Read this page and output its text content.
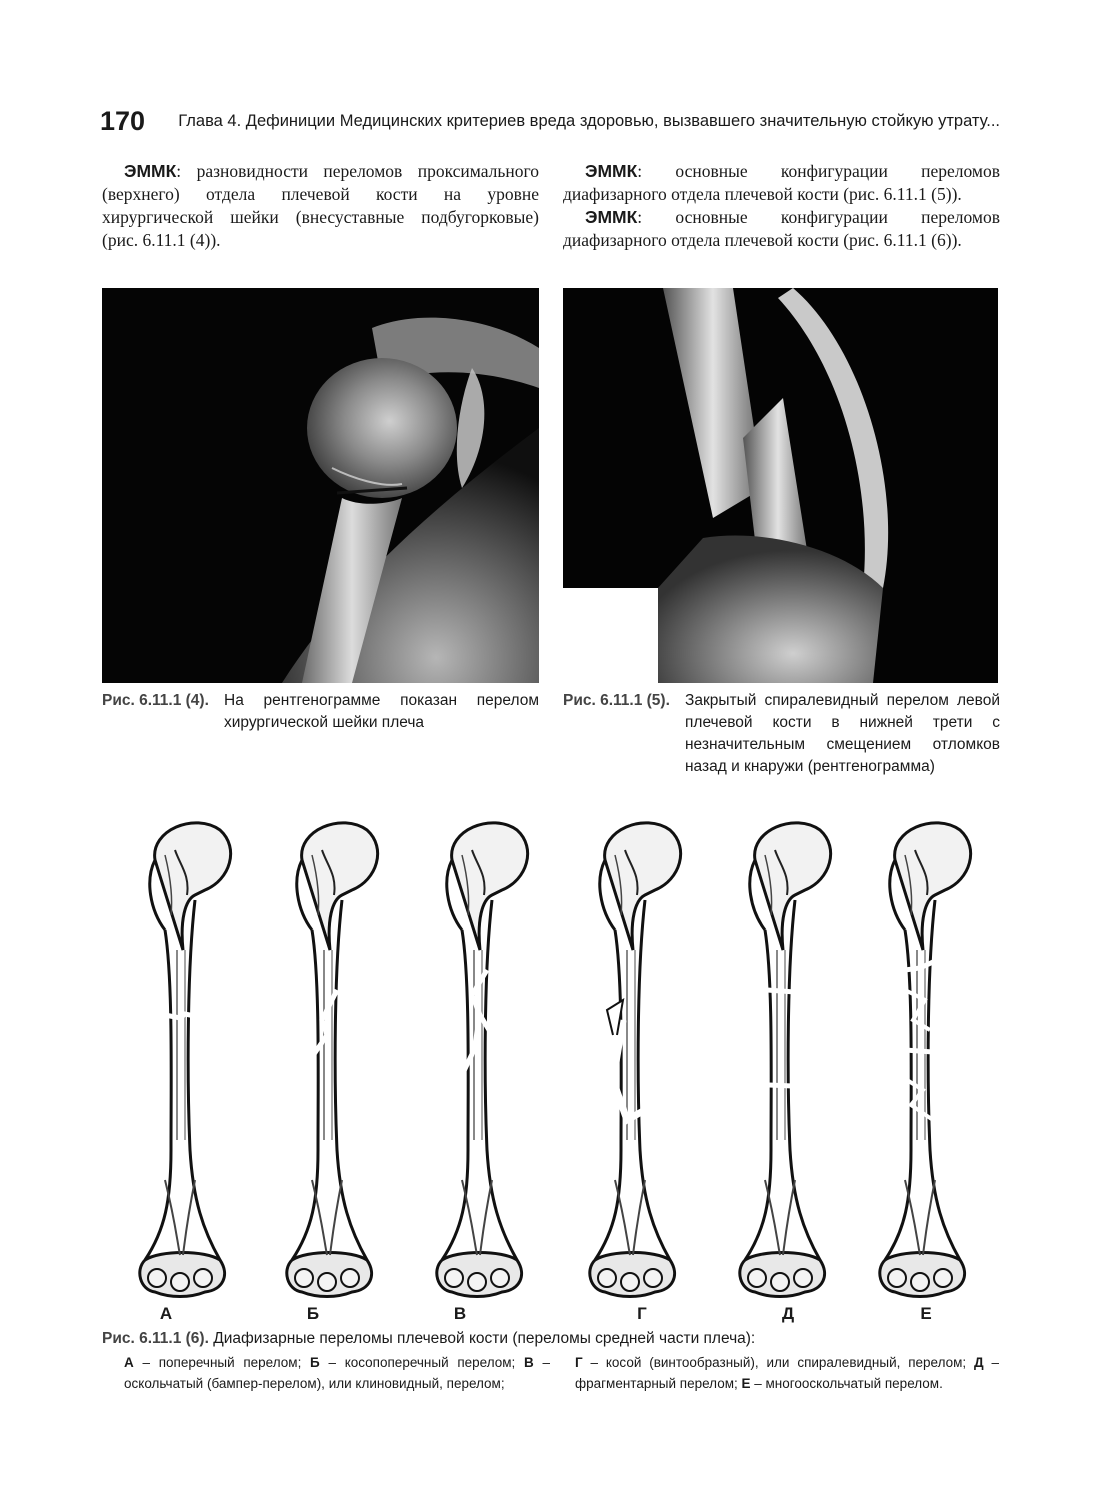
170 Глава 4. Дефиниции Медицинских критериев вреда здоровью, вызвавшего значительную стойкую утрату...

ЭММК: разновидности переломов проксимального (верхнего) отдела плечевой кости на уровне хирургической шейки (внесуставные подбугорковые) (рис. 6.11.1 (4)).

ЭММК: основные конфигурации переломов диафизарного отдела плечевой кости (рис. 6.11.1 (5)).

ЭММК: основные конфигурации переломов диафизарного отдела плечевой кости (рис. 6.11.1 (6)).

Рис. 6.11.1 (4). На рентгенограмме показан перелом хирургической шейки плеча
Рис. 6.11.1 (5). Закрытый спиралевидный перелом левой плечевой кости в нижней трети с незначительным смещением отломков назад и кнаружи (рентгенограмма)
А	Б	В	Г	Д	Е
Рис. 6.11.1 (6). Диафизарные переломы плечевой кости (переломы средней части плеча):
А – поперечный перелом; Б – косопоперечный перелом; В – оскольчатый (бампер-перелом), или клиновидный, перелом;
Г – косой (винтообразный), или спиралевидный, перелом; Д – фрагментарный перелом; Е – многооскольчатый перелом.
